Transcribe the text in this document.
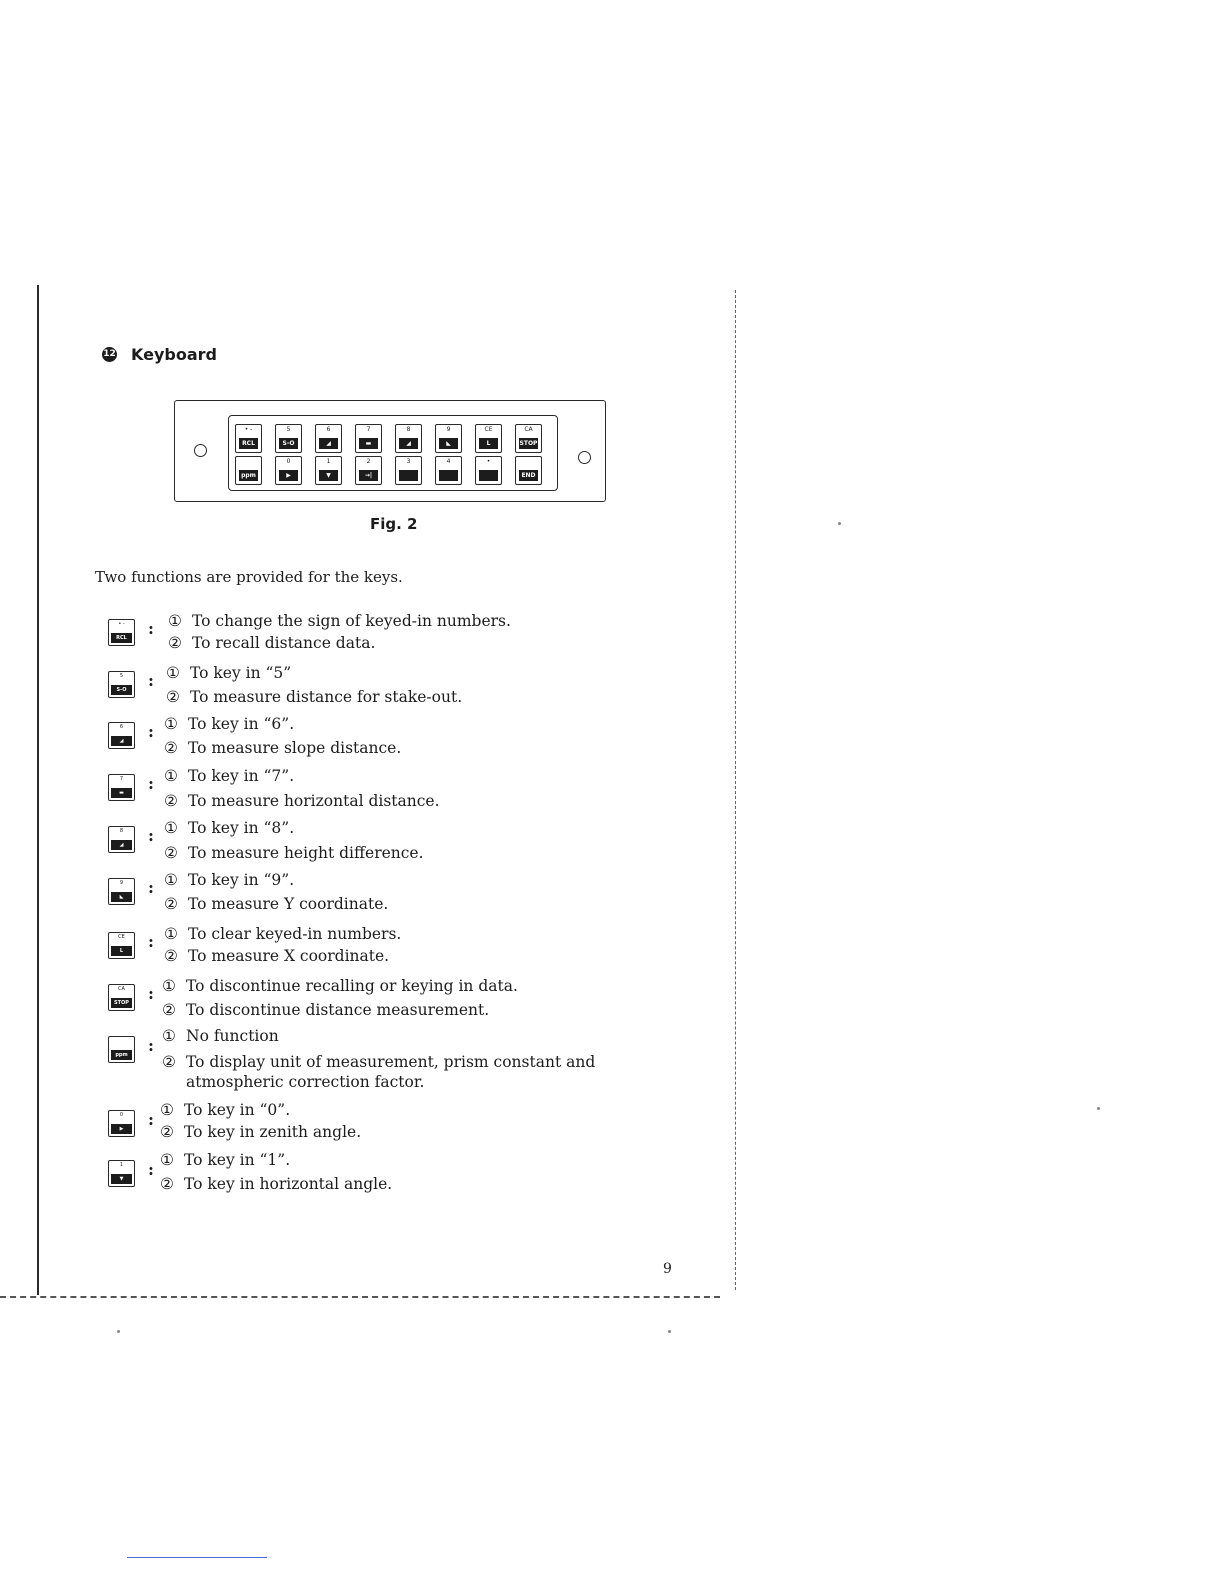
12 Keyboard
• -
RCL
5
S-O
6
◢
7
▬
8
◢
9
◣
CE
L
CA
STOP
ppm
0
▶
1
▼
2
→|
3	4	•
END
Fig. 2
Two functions are provided for the keys.
• -
RCL	: ① To change the sign of keyed-in numbers.
② To recall distance data.
5
S-O	: ① To key in “5”
② To measure distance for stake-out.
6
◢	: ① To key in “6”.
② To measure slope distance.
7
▬	: ① To key in “7”.
② To measure horizontal distance.
8
◢	: ① To key in “8”.
② To measure height difference.
9
◣	: ① To key in “9”.
② To measure Y coordinate.
CE
L	: ① To clear keyed-in numbers.
② To measure X coordinate.
CA
STOP : ① To discontinue recalling or keying in data.
② To discontinue distance measurement.
ppm : ① No function
② To display unit of measurement, prism constant and
atmospheric correction factor.
0
▶	: ① To key in “0”.
② To key in zenith angle.
1
▼	: ① To key in “1”.
② To key in horizontal angle.
9
